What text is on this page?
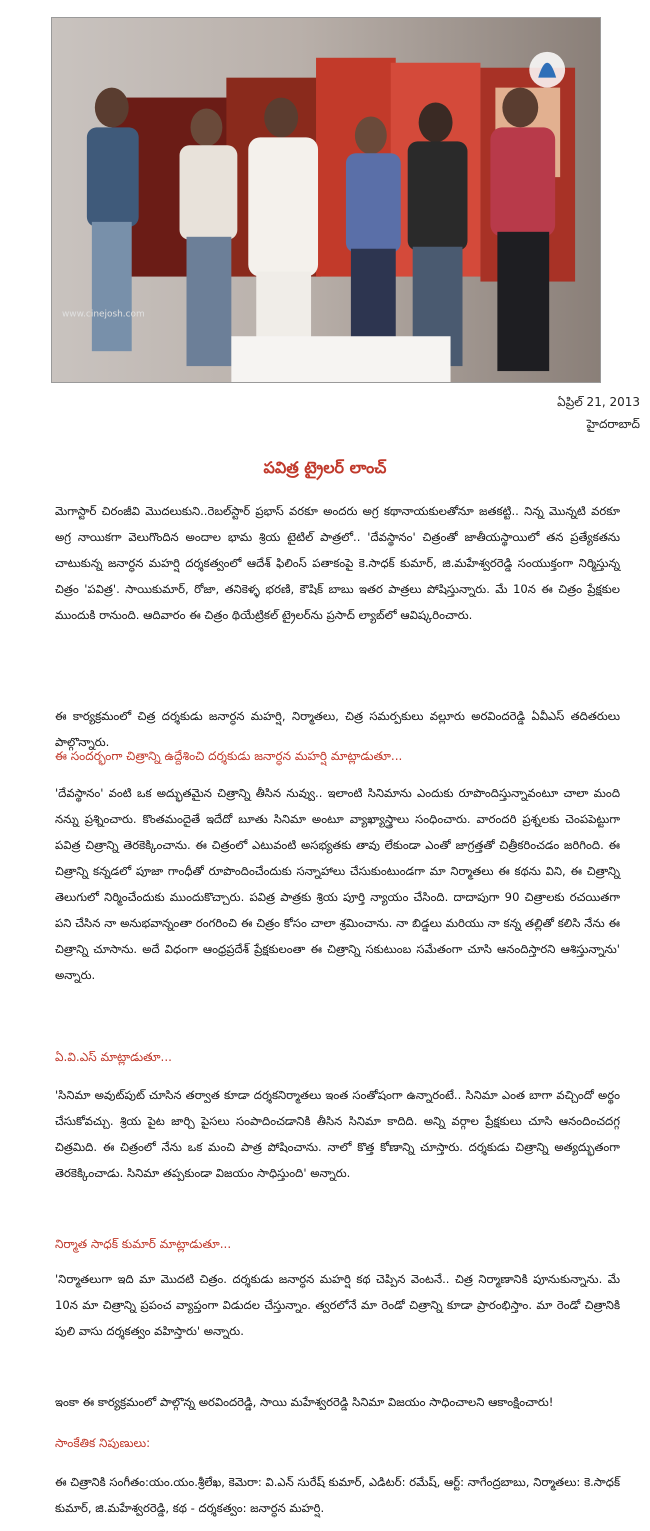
www.cinejosh.com
ఏప్రిల్ 21, 2013
హైదరాబాద్
పవిత్ర ట్రైలర్ లాంచ్

మెగాస్టార్ చిరంజీవి మొదలుకుని..రెబల్‌స్టార్ ప్రభాస్ వరకూ అందరు అగ్ర కథానాయకులతోనూ జతకట్టి.. నిన్న మొన్నటి వరకూ అగ్ర నాయికగా వెలుగొందిన అందాల భామ శ్రియ టైటిల్ పాత్రలో.. 'దేవస్థానం' చిత్రంతో జాతీయస్థాయిలో తన ప్రత్యేకతను చాటుకున్న జనార్ధన మహర్షి దర్శకత్వంలో ఆదేశ్ ఫిలింస్ పతాకంపై కె.సాధక్ కుమార్, జి.మహేశ్వరరెడ్డి సంయుక్తంగా నిర్మిస్తున్న చిత్రం 'పవిత్ర'. సాయికుమార్, రోజా, తనికెళ్ళ భరణి, కౌషిక్ బాబు ఇతర పాత్రలు పోషిస్తున్నారు. మే 10న ఈ చిత్రం ప్రేక్షకుల ముందుకి రానుంది. ఆదివారం ఈ చిత్రం థియేట్రికల్ ట్రైలర్‌ను ప్రసాద్ ల్యాబ్‌లో ఆవిష్కరించారు.

ఈ కార్యక్రమంలో చిత్ర దర్శకుడు జనార్ధన మహర్షి, నిర్మాతలు, చిత్ర సమర్పకులు వల్లూరు అరవిందరెడ్డి ఏవీఎస్ తదితరులు పాల్గొన్నారు.

ఈ సందర్భంగా చిత్రాన్ని ఉద్దేశించి దర్శకుడు జనార్ధన మహర్షి మాట్లాడుతూ...

'దేవస్థానం' వంటి ఒక అద్భుతమైన చిత్రాన్ని తీసిన నువ్వు.. ఇలాంటి సినిమాను ఎందుకు రూపొందిస్తున్నావంటూ చాలా మంది నన్ను ప్రశ్నించారు. కొంతమందైతే ఇదేదో బూతు సినిమా అంటూ వ్యాఖ్యాస్త్రాలు సంధించారు. వారందరి ప్రశ్నలకు చెంపపెట్టుగా పవిత్ర చిత్రాన్ని తెరకెక్కించాను. ఈ చిత్రంలో ఎటువంటి అసభ్యతకు తావు లేకుండా ఎంతో జాగ్రత్తతో చిత్రీకరించడం జరిగింది. ఈ చిత్రాన్ని కన్నడలో పూజా గాంధీతో రూపొందించేందుకు సన్నాహాలు చేసుకుంటుండగా మా నిర్మాతలు ఈ కథను విని, ఈ చిత్రాన్ని తెలుగులో నిర్మించేందుకు ముందుకొచ్చారు. పవిత్ర పాత్రకు శ్రియ పూర్తి న్యాయం చేసింది. దాదాపుగా 90 చిత్రాలకు రచయితగా పని చేసిన నా అనుభవాన్నంతా రంగరించి ఈ చిత్రం కోసం చాలా శ్రమించాను. నా బిడ్డలు మరియు నా కన్న తల్లితో కలిసి నేను ఈ చిత్రాన్ని చూసాను. అదే విధంగా ఆంధ్రప్రదేశ్ ప్రేక్షకులంతా ఈ చిత్రాన్ని సకుటుంబ సమేతంగా చూసి ఆనందిస్తారని ఆశిస్తున్నాను' అన్నారు.

ఏ.వి.ఎస్ మాట్లాడుతూ...

'సినిమా అవుట్‌పుట్ చూసిన తర్వాత కూడా దర్శకనిర్మాతలు ఇంత సంతోషంగా ఉన్నారంటే.. సినిమా ఎంత బాగా వచ్చిందో అర్థం చేసుకోవచ్చు. శ్రియ పైట జార్చి పైసలు సంపాదించడానికి తీసిన సినిమా కాదిది. అన్ని వర్గాల ప్రేక్షకులు చూసి ఆనందించదగ్గ చిత్రమిది. ఈ చిత్రంలో నేను ఒక మంచి పాత్ర పోషించాను. నాలో కొత్త కోణాన్ని చూస్తారు. దర్శకుడు చిత్రాన్ని అత్యద్భుతంగా తెరకెక్కించాడు. సినిమా తప్పకుండా విజయం సాధిస్తుంది' అన్నారు.

నిర్మాత సాధక్ కుమార్ మాట్లాడుతూ...

'నిర్మాతలుగా ఇది మా మొదటి చిత్రం. దర్శకుడు జనార్ధన మహర్షి కథ చెప్పిన వెంటనే.. చిత్ర నిర్మాణానికి పూనుకున్నాను. మే 10న మా చిత్రాన్ని ప్రపంచ వ్యాప్తంగా విడుదల చేస్తున్నాం. త్వరలోనే మా రెండో చిత్రాన్ని కూడా ప్రారంభిస్తాం. మా రెండో చిత్రానికి పులి వాసు దర్శకత్వం వహిస్తారు' అన్నారు.

ఇంకా ఈ కార్యక్రమంలో పాల్గొన్న అరవిందరెడ్డి, సాయి మహేశ్వరరెడ్డి సినిమా విజయం సాధించాలని ఆకాంక్షించారు!

సాంకేతిక నిపుణులు:

ఈ చిత్రానికి సంగీతం:యం.యం.శ్రీలేఖ, కెమెరా: వి.ఎన్ సురేష్ కుమార్, ఎడిటర్: రమేష్, ఆర్ట్: నాగేంద్రబాబు, నిర్మాతలు: కె.సాధక్ కుమార్, జి.మహేశ్వరరెడ్డి, కథ - దర్శకత్వం: జనార్ధన మహర్షి.
